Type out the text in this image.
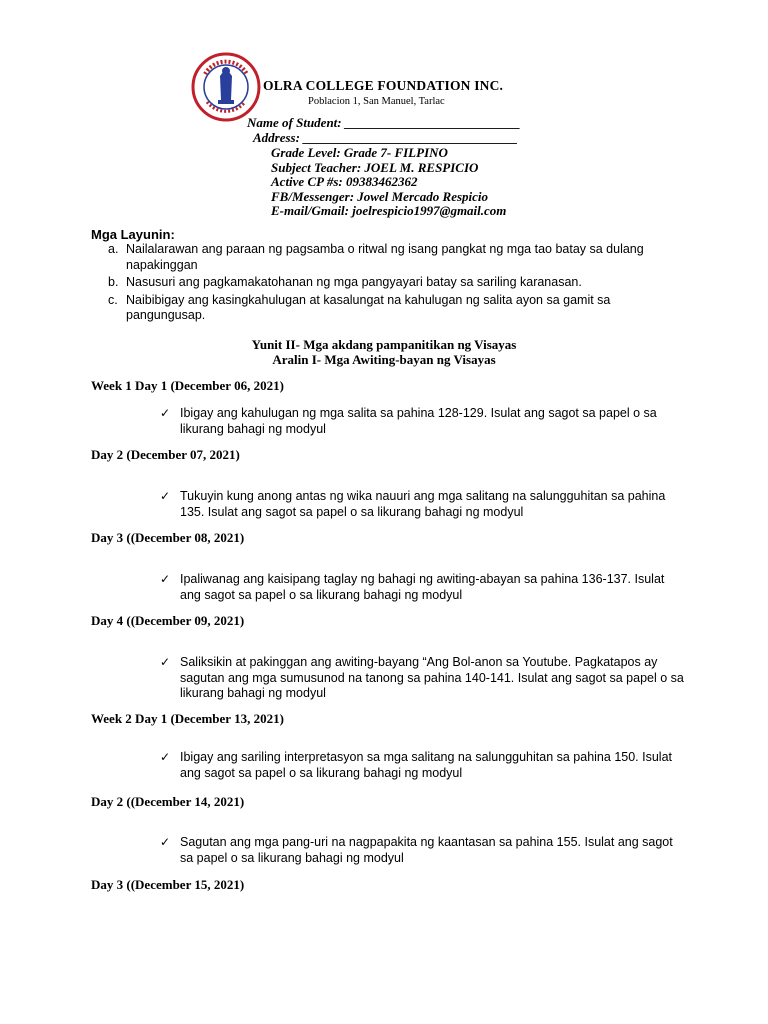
OLRA COLLEGE FOUNDATION INC.
Poblacion 1, San Manuel, Tarlac
Name of Student: ___________________________
Address: _________________________________
Grade Level: Grade 7- FILPINO
Subject Teacher: JOEL M. RESPICIO
Active CP #s: 09383462362
FB/Messenger: Jowel Mercado Respicio
E-mail/Gmail: joelrespicio1997@gmail.com
Mga Layunin:
a. Nailalarawan ang paraan ng pagsamba o ritwal ng isang pangkat ng mga tao batay sa dulang napakinggan
b. Nasusuri ang pagkamakatohanan ng mga pangyayari batay sa sariling karanasan.
c. Naibibigay ang kasingkahulugan at kasalungat na kahulugan ng salita ayon sa gamit sa pangungusap.
Yunit II- Mga akdang pampanitikan ng Visayas
Aralin I- Mga Awiting-bayan ng Visayas
Week 1 Day 1 (December 06, 2021)
✓ Ibigay ang kahulugan ng mga salita sa pahina 128-129. Isulat ang sagot sa papel o sa likurang bahagi ng modyul
Day 2 (December 07, 2021)
✓ Tukuyin kung anong antas ng wika nauuri ang mga salitang na salungguhitan sa pahina 135. Isulat ang sagot sa papel o sa likurang bahagi ng modyul
Day 3 ((December 08, 2021)
✓ Ipaliwanag ang kaisipang taglay ng bahagi ng awiting-abayan sa pahina 136-137. Isulat ang sagot sa papel o sa likurang bahagi ng modyul
Day 4 ((December 09, 2021)
✓ Saliksikin at pakinggan ang awiting-bayang “Ang Bol-anon sa Youtube. Pagkatapos ay sagutan ang mga sumusunod na tanong sa pahina 140-141. Isulat ang sagot sa papel o sa likurang bahagi ng modyul
Week 2 Day 1 (December 13, 2021)
✓ Ibigay ang sariling interpretasyon sa mga salitang na salungguhitan sa pahina 150. Isulat ang sagot sa papel o sa likurang bahagi ng modyul
Day 2 ((December 14, 2021)
✓ Sagutan ang mga pang-uri na nagpapakita ng kaantasan sa pahina 155. Isulat ang sagot sa papel o sa likurang bahagi ng modyul
Day 3 ((December 15, 2021)
